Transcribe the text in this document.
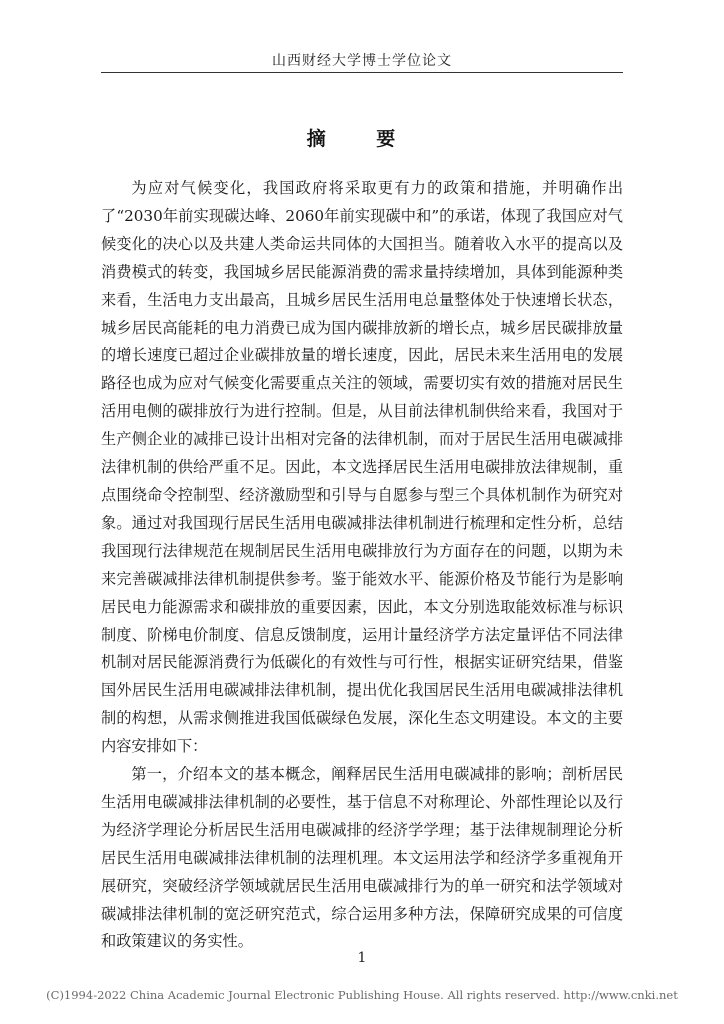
山西财经大学博士学位论文
摘 要

为应对气候变化，我国政府将采取更有力的政策和措施，并明确作出了“2030年前实现碳达峰、2060年前实现碳中和”的承诺，体现了我国应对气候变化的决心以及共建人类命运共同体的大国担当。随着收入水平的提高以及消费模式的转变，我国城乡居民能源消费的需求量持续增加，具体到能源种类来看，生活电力支出最高，且城乡居民生活用电总量整体处于快速增长状态，城乡居民高能耗的电力消费已成为国内碳排放新的增长点，城乡居民碳排放量的增长速度已超过企业碳排放量的增长速度，因此，居民未来生活用电的发展路径也成为应对气候变化需要重点关注的领域，需要切实有效的措施对居民生活用电侧的碳排放行为进行控制。但是，从目前法律机制供给来看，我国对于生产侧企业的减排已设计出相对完备的法律机制，而对于居民生活用电碳减排法律机制的供给严重不足。因此，本文选择居民生活用电碳排放法律规制，重点围绕命令控制型、经济激励型和引导与自愿参与型三个具体机制作为研究对象。通过对我国现行居民生活用电碳减排法律机制进行梳理和定性分析，总结我国现行法律规范在规制居民生活用电碳排放行为方面存在的问题，以期为未来完善碳减排法律机制提供参考。鉴于能效水平、能源价格及节能行为是影响居民电力能源需求和碳排放的重要因素，因此，本文分别选取能效标准与标识制度、阶梯电价制度、信息反馈制度，运用计量经济学方法定量评估不同法律机制对居民能源消费行为低碳化的有效性与可行性，根据实证研究结果，借鉴国外居民生活用电碳减排法律机制，提出优化我国居民生活用电碳减排法律机制的构想，从需求侧推进我国低碳绿色发展，深化生态文明建设。本文的主要内容安排如下：

第一，介绍本文的基本概念，阐释居民生活用电碳减排的影响；剖析居民生活用电碳减排法律机制的必要性，基于信息不对称理论、外部性理论以及行为经济学理论分析居民生活用电碳减排的经济学学理；基于法律规制理论分析居民生活用电碳减排法律机制的法理机理。本文运用法学和经济学多重视角开展研究，突破经济学领域就居民生活用电碳减排行为的单一研究和法学领域对碳减排法律机制的宽泛研究范式，综合运用多种方法，保障研究成果的可信度和政策建议的务实性。

1
(C)1994-2022 China Academic Journal Electronic Publishing House. All rights reserved. http://www.cnki.net
